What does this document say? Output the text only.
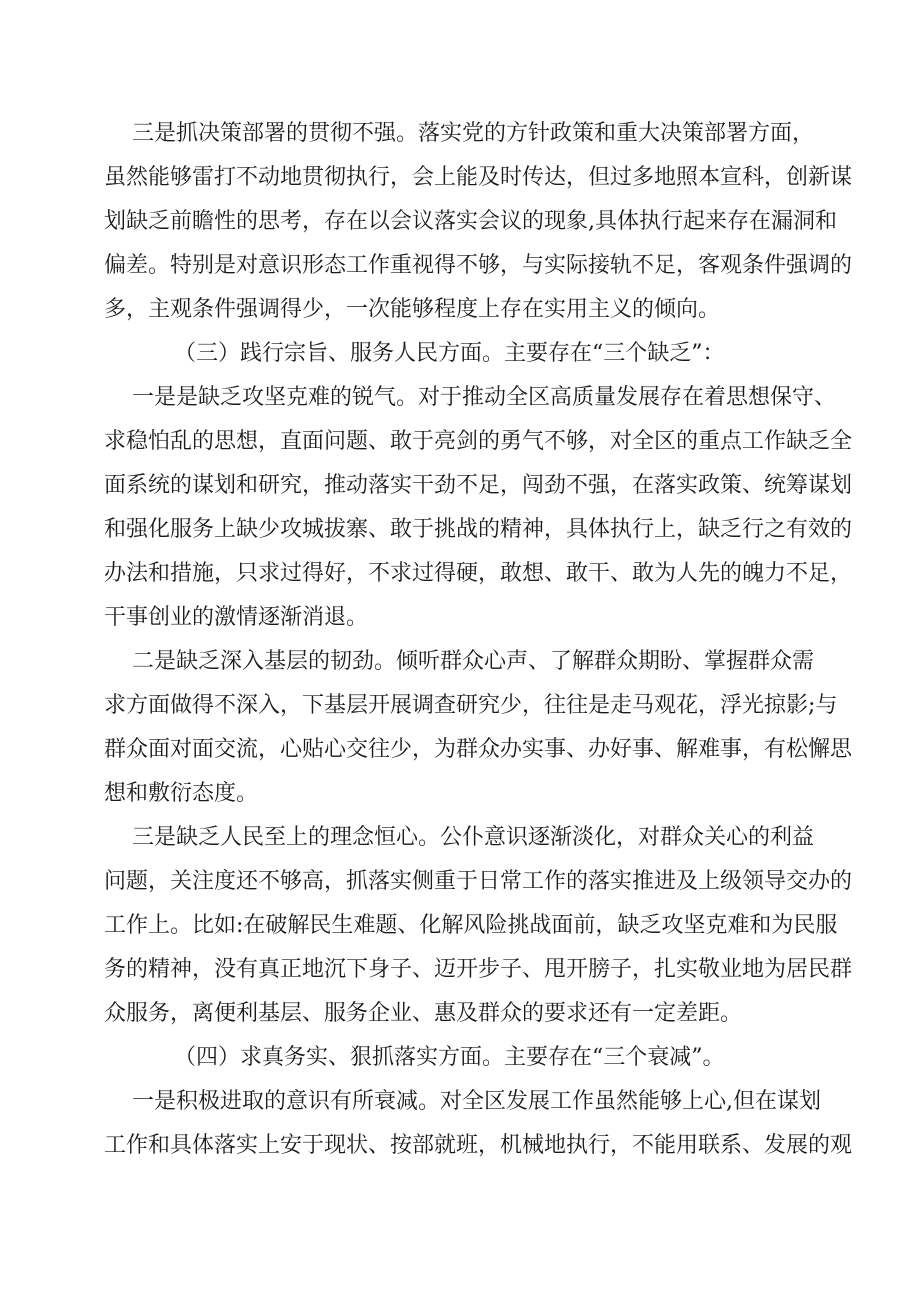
三是抓决策部署的贯彻不强。落实党的方针政策和重大决策部署方面，
虽然能够雷打不动地贯彻执行，会上能及时传达，但过多地照本宣科，创新谋
划缺乏前瞻性的思考，存在以会议落实会议的现象,具体执行起来存在漏洞和
偏差。特别是对意识形态工作重视得不够，与实际接轨不足，客观条件强调的
多，主观条件强调得少，一次能够程度上存在实用主义的倾向。
（三）践行宗旨、服务人民方面。主要存在“三个缺乏”：
一是是缺乏攻坚克难的锐气。对于推动全区高质量发展存在着思想保守、
求稳怕乱的思想，直面问题、敢于亮剑的勇气不够，对全区的重点工作缺乏全
面系统的谋划和研究，推动落实干劲不足，闯劲不强，在落实政策、统筹谋划
和强化服务上缺少攻城拔寨、敢于挑战的精神，具体执行上，缺乏行之有效的
办法和措施，只求过得好，不求过得硬，敢想、敢干、敢为人先的魄力不足，
干事创业的激情逐渐消退。
二是缺乏深入基层的韧劲。倾听群众心声、了解群众期盼、掌握群众需
求方面做得不深入，下基层开展调查研究少，往往是走马观花，浮光掠影;与
群众面对面交流，心贴心交往少，为群众办实事、办好事、解难事，有松懈思
想和敷衍态度。
三是缺乏人民至上的理念恒心。公仆意识逐渐淡化，对群众关心的利益
问题，关注度还不够高，抓落实侧重于日常工作的落实推进及上级领导交办的
工作上。比如:在破解民生难题、化解风险挑战面前，缺乏攻坚克难和为民服
务的精神，没有真正地沉下身子、迈开步子、甩开膀子，扎实敬业地为居民群
众服务，离便利基层、服务企业、惠及群众的要求还有一定差距。
（四）求真务实、狠抓落实方面。主要存在“三个衰减”。
一是积极进取的意识有所衰减。对全区发展工作虽然能够上心,但在谋划
工作和具体落实上安于现状、按部就班，机械地执行，不能用联系、发展的观
